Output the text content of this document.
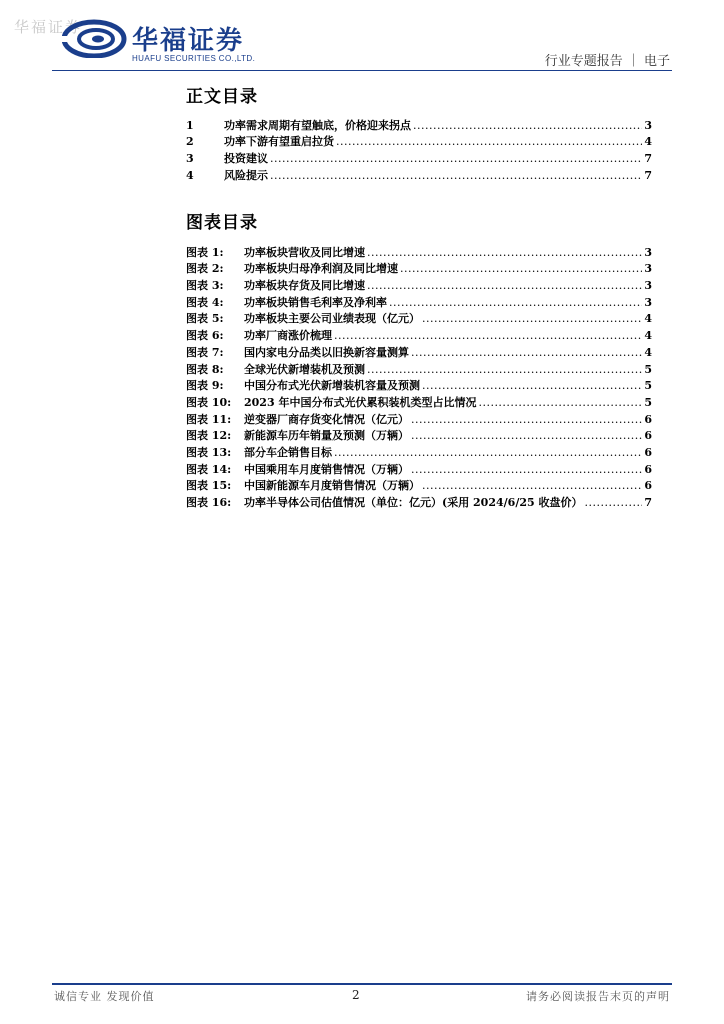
华福证券 华福证券
HUAFU SECURITIES CO.,LTD.	行业专题报告 ｜ 电子
正文目录
1	功率需求周期有望触底，价格迎来拐点 .....	3
2	功率下游有望重启拉货 .....	4
3	投资建议 .....	7
4	风险提示 .....	7
图表目录
图表 1:	功率板块营收及同比增速 .....	3
图表 2:	功率板块归母净利润及同比增速 .....	3
图表 3:	功率板块存货及同比增速 .....	3
图表 4:	功率板块销售毛利率及净利率 .....	3
图表 5:	功率板块主要公司业绩表现（亿元） .....	4
图表 6:	功率厂商涨价梳理 .....	4
图表 7:	国内家电分品类以旧换新容量测算 .....	4
图表 8:	全球光伏新增装机及预测 .....	5
图表 9:	中国分布式光伏新增装机容量及预测 .....	5
图表 10:	2023 年中国分布式光伏累积装机类型占比情况 .....	5
图表 11:	逆变器厂商存货变化情况（亿元） .....	6
图表 12:	新能源车历年销量及预测（万辆） .....	6
图表 13:	部分车企销售目标 .....	6
图表 14:	中国乘用车月度销售情况（万辆） .....	6
图表 15:	中国新能源车月度销售情况（万辆） .....	6
图表 16:	功率半导体公司估值情况（单位：亿元）(采用 2024/6/25 收盘价） .....	7
诚信专业 发现价值	2	请务必阅读报告末页的声明
